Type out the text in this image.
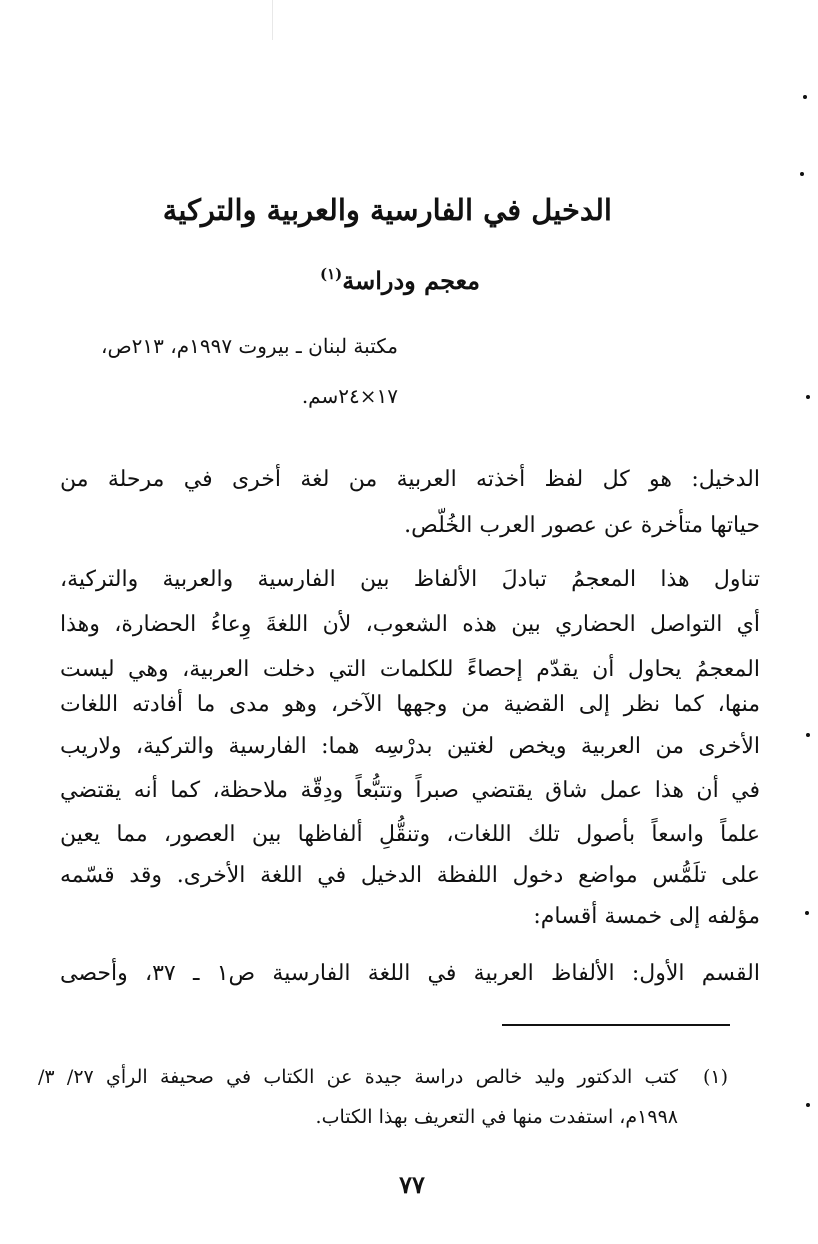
الدخيل في الفارسية والعربية والتركية
معجم ودراسة$^{(١)}$
مكتبة لبنان ـ بيروت ١٩٩٧م، ٢١٣ص،
١٧×٢٤سم.
الدخيل: هو كل لفظ أخذته العربية من لغة أخرى في مرحلة من
حياتها متأخرة عن عصور العرب الخُلّص.
تناول هذا المعجمُ تبادلَ الألفاظ بين الفارسية والعربية والتركية،
أي التواصل الحضاري بين هذه الشعوب، لأن اللغةَ وِعاءُ الحضارة، وهذا
المعجمُ يحاول أن يقدّم إحصاءً للكلمات التي دخلت العربية، وهي ليست
منها، كما نظر إلى القضية من وجهها الآخر، وهو مدى ما أفادته اللغات
الأخرى من العربية ويخص لغتين بدرْسِه هما: الفارسية والتركية، ولاريب
في أن هذا عمل شاق يقتضي صبراً وتتبُّعاً ودِقّة ملاحظة، كما أنه يقتضي
علماً واسعاً بأصول تلك اللغات، وتنقُّلِ ألفاظها بين العصور، مما يعين
على تلَمُّس مواضع دخول اللفظة الدخيل في اللغة الأخرى. وقد قسّمه
مؤلفه إلى خمسة أقسام:
القسم الأول: الألفاظ العربية في اللغة الفارسية ص١ ـ ٣٧، وأحصى
(١)
كتب الدكتور وليد خالص دراسة جيدة عن الكتاب في صحيفة الرأي ٢٧/ ٣/
١٩٩٨م، استفدت منها في التعريف بهذا الكتاب.
٧٧
